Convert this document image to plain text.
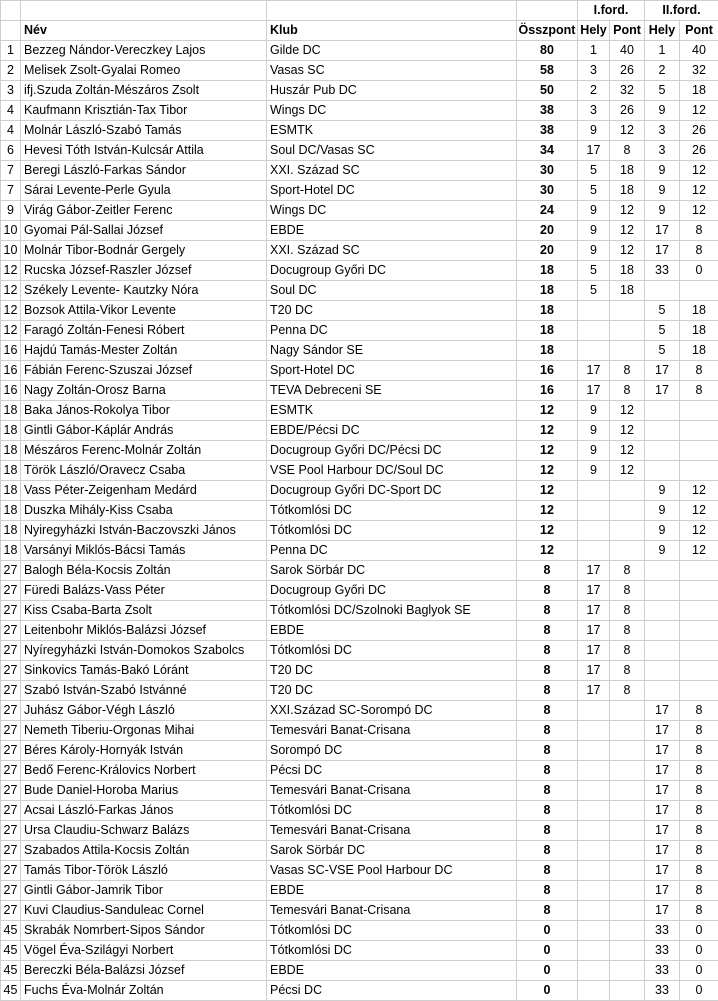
				I.ford.		II.ford.	
	Név	Klub	Összpont	Hely	Pont	Hely	Pont
1	Bezzeg Nándor-Vereczkey Lajos	Gilde DC	80	1	40	1	40
2	Melisek Zsolt-Gyalai Romeo	Vasas SC	58	3	26	2	32
3	ifj.Szuda Zoltán-Mészáros Zsolt	Huszár Pub DC	50	2	32	5	18
4	Kaufmann Krisztián-Tax Tibor	Wings DC	38	3	26	9	12
4	Molnár László-Szabó Tamás	ESMTK	38	9	12	3	26
6	Hevesi Tóth István-Kulcsár Attila	Soul DC/Vasas SC	34	17	8	3	26
7	Beregi László-Farkas Sándor	XXI. Század SC	30	5	18	9	12
7	Sárai Levente-Perle Gyula	Sport-Hotel DC	30	5	18	9	12
9	Virág Gábor-Zeitler Ferenc	Wings DC	24	9	12	9	12
10	Gyomai Pál-Sallai József	EBDE	20	9	12	17	8
10	Molnár Tibor-Bodnár Gergely	XXI. Század SC	20	9	12	17	8
12	Rucska József-Raszler József	Docugroup Győri DC	18	5	18	33	0
12	Székely Levente- Kautzky Nóra	Soul DC	18	5	18		
12	Bozsok Attila-Vikor Levente	T20 DC	18			5	18
12	Faragó Zoltán-Fenesi Róbert	Penna DC	18			5	18
16	Hajdú Tamás-Mester Zoltán	Nagy Sándor SE	18			5	18
16	Fábián Ferenc-Szuszai József	Sport-Hotel DC	16	17	8	17	8
16	Nagy Zoltán-Orosz Barna	TEVA Debreceni SE	16	17	8	17	8
18	Baka János-Rokolya Tibor	ESMTK	12	9	12		
18	Gintli Gábor-Káplár András	EBDE/Pécsi DC	12	9	12		
18	Mészáros Ferenc-Molnár Zoltán	Docugroup Győri DC/Pécsi DC	12	9	12		
18	Török László/Oravecz Csaba	VSE Pool Harbour DC/Soul DC	12	9	12		
18	Vass Péter-Zeigenham Medárd	Docugroup Győri DC-Sport DC	12			9	12
18	Duszka Mihály-Kiss Csaba	Tótkomlósi DC	12			9	12
18	Nyiregyházki István-Baczovszki János	Tótkomlósi DC	12			9	12
18	Varsányi Miklós-Bácsi Tamás	Penna DC	12			9	12
27	Balogh Béla-Kocsis Zoltán	Sarok Sörbár DC	8	17	8		
27	Füredi Balázs-Vass Péter	Docugroup Győri DC	8	17	8		
27	Kiss Csaba-Barta Zsolt	Tótkomlósi DC/Szolnoki Baglyok SE	8	17	8		
27	Leitenbohr Miklós-Balázsi József	EBDE	8	17	8		
27	Nyíregyházki István-Domokos Szabolcs	Tótkomlósi DC	8	17	8		
27	Sinkovics Tamás-Bakó Lóránt	T20 DC	8	17	8		
27	Szabó István-Szabó Istvánné	T20 DC	8	17	8		
27	Juhász Gábor-Végh László	XXI.Század SC-Sorompó DC	8			17	8
27	Nemeth Tiberiu-Orgonas Mihai	Temesvári Banat-Crisana	8			17	8
27	Béres Károly-Hornyák István	Sorompó DC	8			17	8
27	Bedő Ferenc-Královics Norbert	Pécsi DC	8			17	8
27	Bude Daniel-Horoba Marius	Temesvári Banat-Crisana	8			17	8
27	Acsai László-Farkas János	Tótkomlósi DC	8			17	8
27	Ursa Claudiu-Schwarz Balázs	Temesvári Banat-Crisana	8			17	8
27	Szabados Attila-Kocsis Zoltán	Sarok Sörbár DC	8			17	8
27	Tamás Tibor-Török László	Vasas SC-VSE Pool Harbour DC	8			17	8
27	Gintli Gábor-Jamrik Tibor	EBDE	8			17	8
27	Kuvi Claudius-Sanduleac Cornel	Temesvári Banat-Crisana	8			17	8
45	Skrabák Nomrbert-Sipos Sándor	Tótkomlósi DC	0			33	0
45	Vögel Éva-Szilágyi Norbert	Tótkomlósi DC	0			33	0
45	Bereczki Béla-Balázsi József	EBDE	0			33	0
45	Fuchs Éva-Molnár Zoltán	Pécsi DC	0			33	0
